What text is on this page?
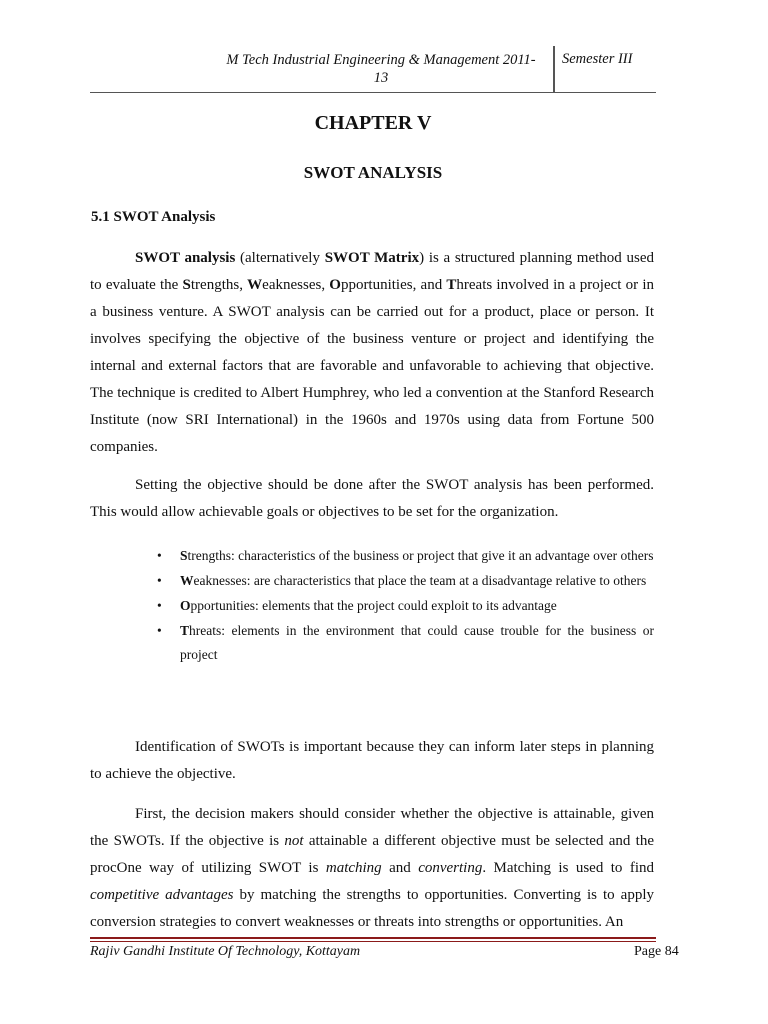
M Tech Industrial Engineering & Management 2011-
13
Semester III
CHAPTER V
SWOT ANALYSIS
5.1 SWOT Analysis

SWOT analysis (alternatively SWOT Matrix) is a structured planning method used to evaluate the Strengths, Weaknesses, Opportunities, and Threats involved in a project or in a business venture. A SWOT analysis can be carried out for a product, place or person. It involves specifying the objective of the business venture or project and identifying the internal and external factors that are favorable and unfavorable to achieving that objective. The technique is credited to Albert Humphrey, who led a convention at the Stanford Research Institute (now SRI International) in the 1960s and 1970s using data from Fortune 500 companies.

Setting the objective should be done after the SWOT analysis has been performed. This would allow achievable goals or objectives to be set for the organization.

• Strengths: characteristics of the business or project that give it an advantage over others
• Weaknesses: are characteristics that place the team at a disadvantage relative to others
• Opportunities: elements that the project could exploit to its advantage
• Threats: elements in the environment that could cause trouble for the business or project

Identification of SWOTs is important because they can inform later steps in planning to achieve the objective.

First, the decision makers should consider whether the objective is attainable, given the SWOTs. If the objective is not attainable a different objective must be selected and the procOne way of utilizing SWOT is matching and converting. Matching is used to find competitive advantages by matching the strengths to opportunities. Converting is to apply conversion strategies to convert weaknesses or threats into strengths or opportunities. An

Rajiv Gandhi Institute Of Technology, Kottayam	Page 84
